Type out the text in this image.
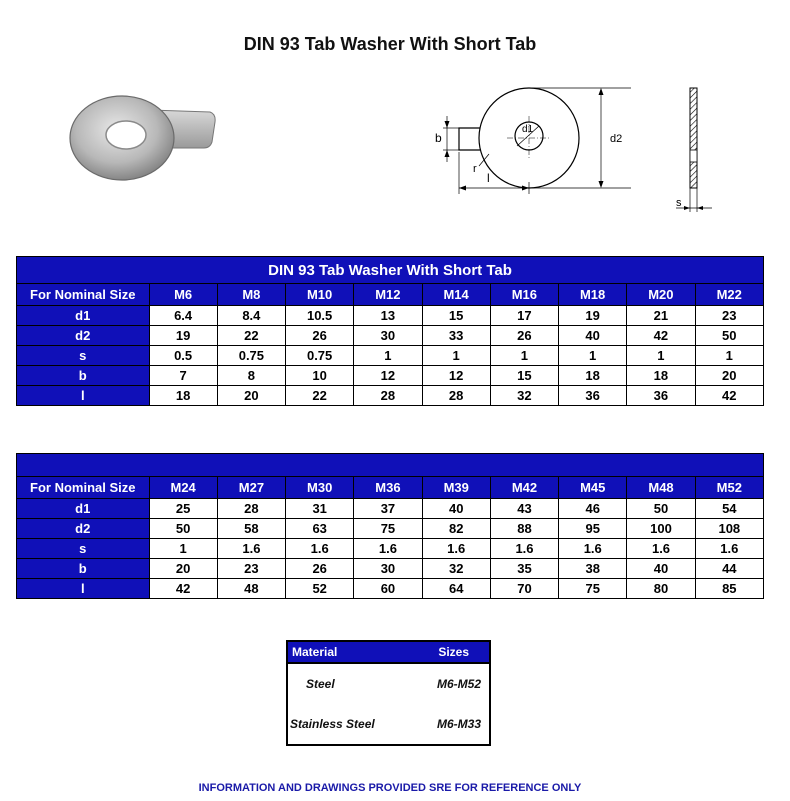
DIN 93 Tab Washer With Short Tab
b
l
r
d1
d2
s
DIN 93 Tab Washer With Short Tab									
For Nominal Size	M6	M8	M10	M12	M14	M16	M18	M20	M22
d1	6.4	8.4	10.5	13	15	17	19	21	23
d2	19	22	26	30	33	26	40	42	50
s	0.5	0.75	0.75	1	1	1	1	1	1
b	7	8	10	12	12	15	18	18	20
l	18	20	22	28	28	32	36	36	42

For Nominal Size	M24	M27	M30	M36	M39	M42	M45	M48	M52
d1	25	28	31	37	40	43	46	50	54
d2	50	58	63	75	82	88	95	100	108
s	1	1.6	1.6	1.6	1.6	1.6	1.6	1.6	1.6
b	20	23	26	30	32	35	38	40	44
l	42	48	52	60	64	70	75	80	85
Material	Sizes
Steel	M6-M52
Stainless Steel	M6-M33
INFORMATION AND DRAWINGS PROVIDED SRE FOR REFERENCE ONLY
